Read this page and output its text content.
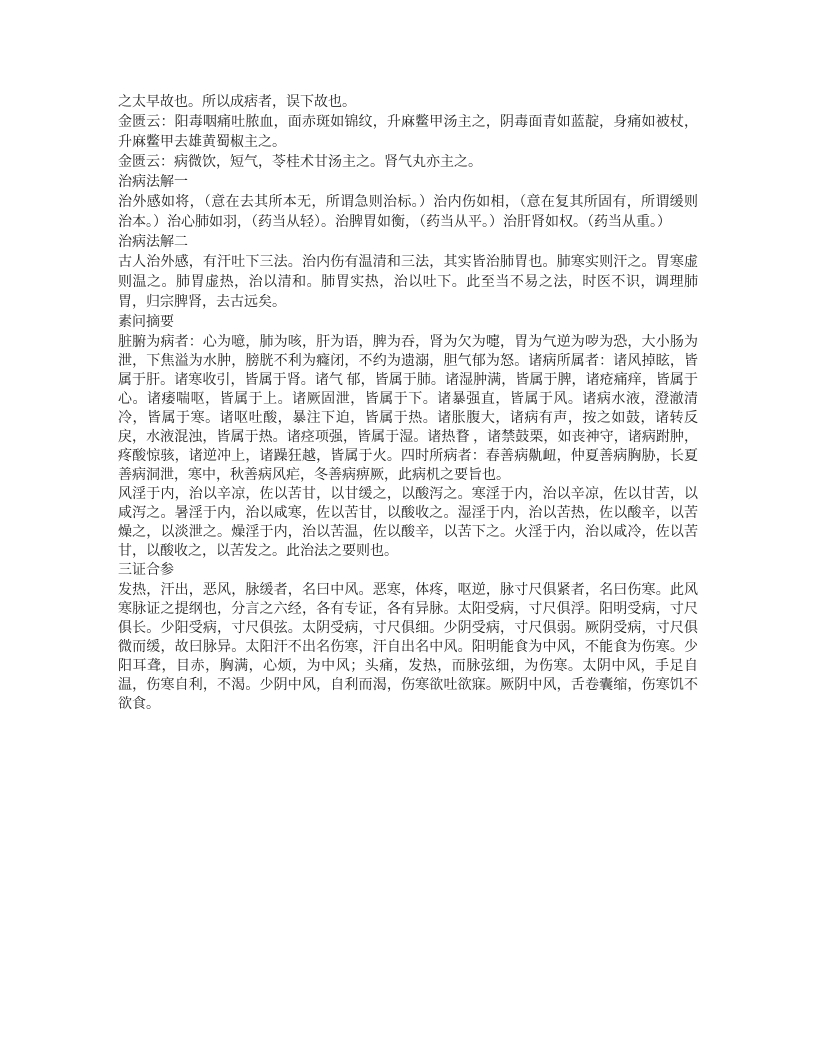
之太早故也。所以成痞者，误下故也。

金匮云：阳毒咽痛吐脓血，面赤斑如锦纹，升麻鳖甲汤主之，阴毒面青如蓝靛，身痛如被杖，升麻鳖甲去雄黄蜀椒主之。

金匮云：病微饮，短气，苓桂术甘汤主之。肾气丸亦主之。

治病法解一

治外感如将，（意在去其所本无，所谓急则治标。）治内伤如相，（意在复其所固有，所谓缓则治本。）治心肺如羽，（药当从轻）。治脾胃如衡，（药当从平。）治肝肾如权。（药当从重。）

治病法解二

古人治外感，有汗吐下三法。治内伤有温清和三法，其实皆治肺胃也。肺寒实则汗之。胃寒虚则温之。肺胃虚热，治以清和。肺胃实热，治以吐下。此至当不易之法，时医不识，调理肺胃，归宗脾肾，去古远矣。

素问摘要

脏腑为病者：心为噫，肺为咳，肝为语，脾为吞，肾为欠为嚏，胃为气逆为哕为恐，大小肠为泄，下焦溢为水肿，膀胱不利为癃闭，不约为遗溺，胆气郁为怒。诸病所属者：诸风掉眩，皆属于肝。诸寒收引，皆属于肾。诸气 郁，皆属于肺。诸湿肿满，皆属于脾，诸疮痛痒，皆属于心。诸痿喘呕，皆属于上。诸厥固泄，皆属于下。诸暴强直，皆属于风。诸病水液，澄澈清冷，皆属于寒。诸呕吐酸，暴注下迫，皆属于热。诸胀腹大，诸病有声，按之如鼓，诸转反戾，水液混浊，皆属于热。诸痉项强，皆属于湿。诸热瞀 ，诸禁鼓栗，如丧神守，诸病跗肿，疼酸惊骇，诸逆冲上，诸躁狂越，皆属于火。四时所病者：春善病鼽衄，仲夏善病胸胁，长夏善病洞泄，寒中，秋善病风疟，冬善病痹厥，此病机之要旨也。

风淫于内，治以辛凉，佐以苦甘，以甘缓之，以酸泻之。寒淫于内，治以辛凉，佐以甘苦，以咸泻之。暑淫于内，治以咸寒，佐以苦甘，以酸收之。湿淫于内，治以苦热，佐以酸辛，以苦燥之，以淡泄之。燥淫于内，治以苦温，佐以酸辛，以苦下之。火淫于内，治以咸冷，佐以苦甘，以酸收之，以苦发之。此治法之要则也。

三证合参

发热，汗出，恶风，脉缓者，名曰中风。恶寒，体疼，呕逆，脉寸尺俱紧者，名曰伤寒。此风寒脉证之提纲也，分言之六经，各有专证，各有异脉。太阳受病，寸尺俱浮。阳明受病，寸尺俱长。少阳受病，寸尺俱弦。太阴受病，寸尺俱细。少阴受病，寸尺俱弱。厥阴受病，寸尺俱微而缓，故曰脉异。太阳汗不出名伤寒，汗自出名中风。阳明能食为中风，不能食为伤寒。少阳耳聋，目赤，胸满，心烦，为中风；头痛，发热，而脉弦细，为伤寒。太阴中风，手足自温，伤寒自利，不渴。少阴中风，自利而渴，伤寒欲吐欲寐。厥阴中风，舌卷囊缩，伤寒饥不欲食。
